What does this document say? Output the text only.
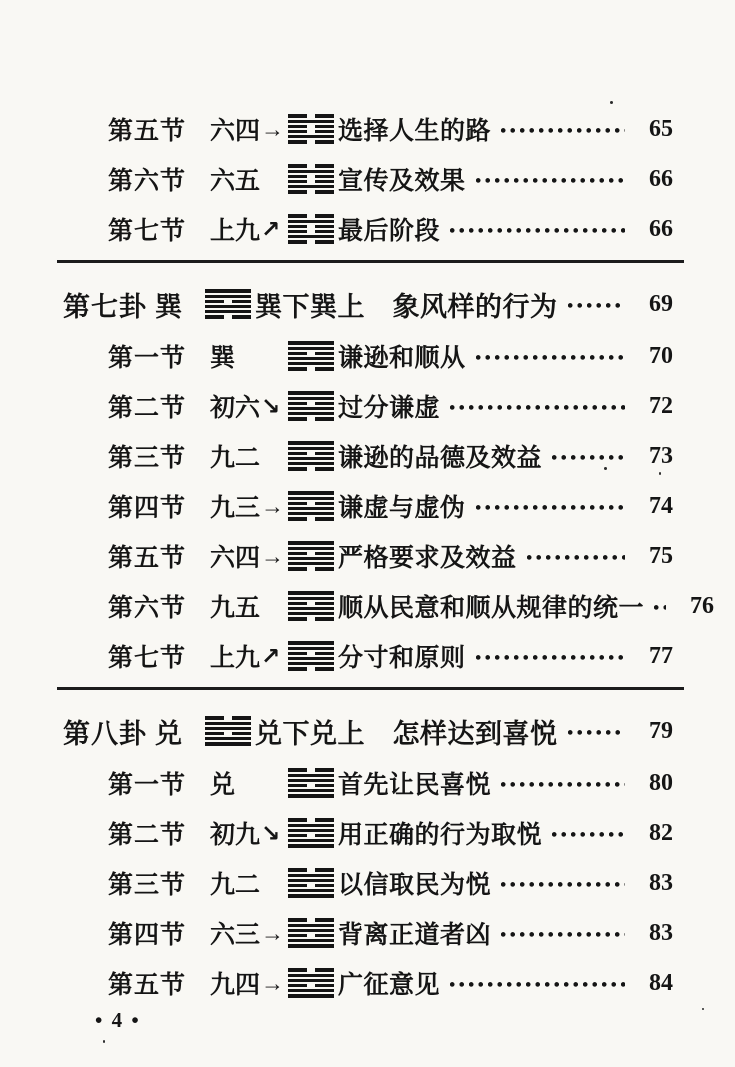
第五节 六四 → 选择人生的路	65
第六节 六五	宣传及效果	66
第七节 上九 ↗ 最后阶段	66
第七卦 巽	巽下巽上　象风样的行为	69
第一节 巽	谦逊和顺从	70
第二节 初六 ↘ 过分谦虚	72
第三节 九二	谦逊的品德及效益	73
第四节 九三 → 谦虚与虚伪	74
第五节 六四 → 严格要求及效益	75
第六节 九五	顺从民意和顺从规律的统一	76
第七节 上九 ↗ 分寸和原则	77
第八卦 兑	兑下兑上　怎样达到喜悦	79
第一节 兑	首先让民喜悦	80
第二节 初九 ↘ 用正确的行为取悦	82
第三节 九二	以信取民为悦	83
第四节 六三 → 背离正道者凶	83
第五节 九四 → 广征意见	84
• 4 •
